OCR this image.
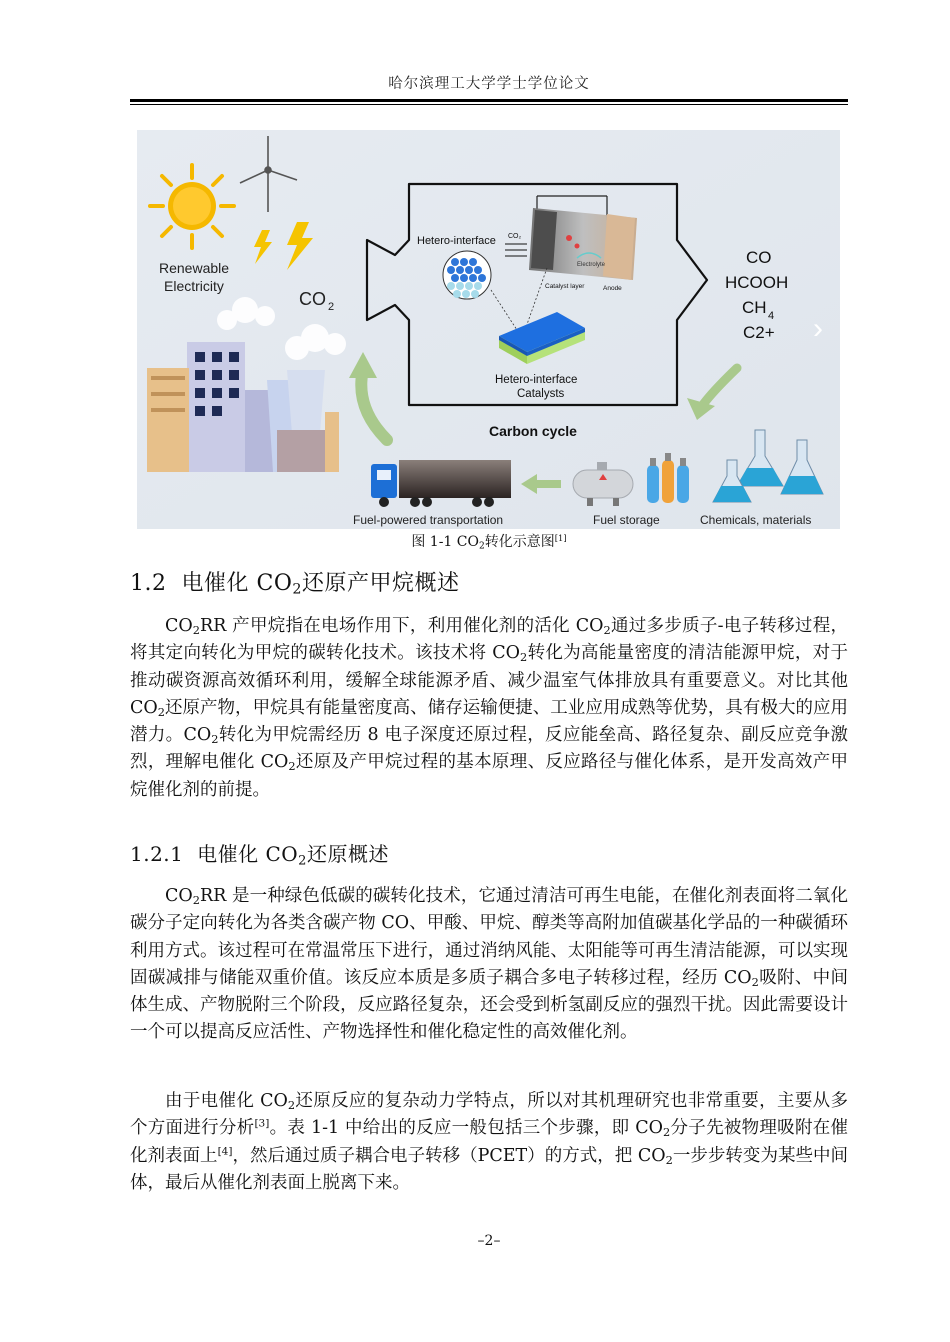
哈尔滨理工大学学士学位论文
Renewable
Electricity
CO 2
Hetero-interface CO₂
Catalyst layer	Anode
Electrolyte
Hetero-interface
Catalysts
Carbon cycle
CO
HCOOH
CH 4
C2+ ›
Fuel-powered transportation	Fuel storage	Chemicals, materials
图 1-1 $CO_2$转化示意图[1]
1.2 电催化 $CO_2$还原产甲烷概述

$CO_2RR$ 产甲烷指在电场作用下，利用催化剂的活化 $CO_2$通过多步质子-电子转移过程，将其定向转化为甲烷的碳转化技术。该技术将 $CO_2$转化为高能量密度的清洁能源甲烷，对于推动碳资源高效循环利用，缓解全球能源矛盾、减少温室气体排放具有重要意义。对比其他 $CO_2$还原产物，甲烷具有能量密度高、储存运输便捷、工业应用成熟等优势，具有极大的应用潜力。$CO_2$转化为甲烷需经历 8 电子深度还原过程，反应能垒高、路径复杂、副反应竞争激烈，理解电催化 $CO_2$还原及产甲烷过程的基本原理、反应路径与催化体系，是开发高效产甲烷催化剂的前提。

1.2.1 电催化 $CO_2$还原概述

$CO_2RR$ 是一种绿色低碳的碳转化技术，它通过清洁可再生电能，在催化剂表面将二氧化碳分子定向转化为各类含碳产物 CO、甲酸、甲烷、醇类等高附加值碳基化学品的一种碳循环利用方式。该过程可在常温常压下进行，通过消纳风能、太阳能等可再生清洁能源，可以实现固碳减排与储能双重价值。该反应本质是多质子耦合多电子转移过程，经历 $CO_2$吸附、中间体生成、产物脱附三个阶段，反应路径复杂，还会受到析氢副反应的强烈干扰。因此需要设计一个可以提高反应活性、产物选择性和催化稳定性的高效催化剂。

由于电催化 $CO_2$还原反应的复杂动力学特点，所以对其机理研究也非常重要，主要从多个方面进行分析[3]。表 1-1 中给出的反应一般包括三个步骤，即 $CO_2$分子先被物理吸附在催化剂表面上[4]，然后通过质子耦合电子转移（PCET）的方式，把 $CO_2$一步步转变为某些中间体，最后从催化剂表面上脱离下来。

–2–
